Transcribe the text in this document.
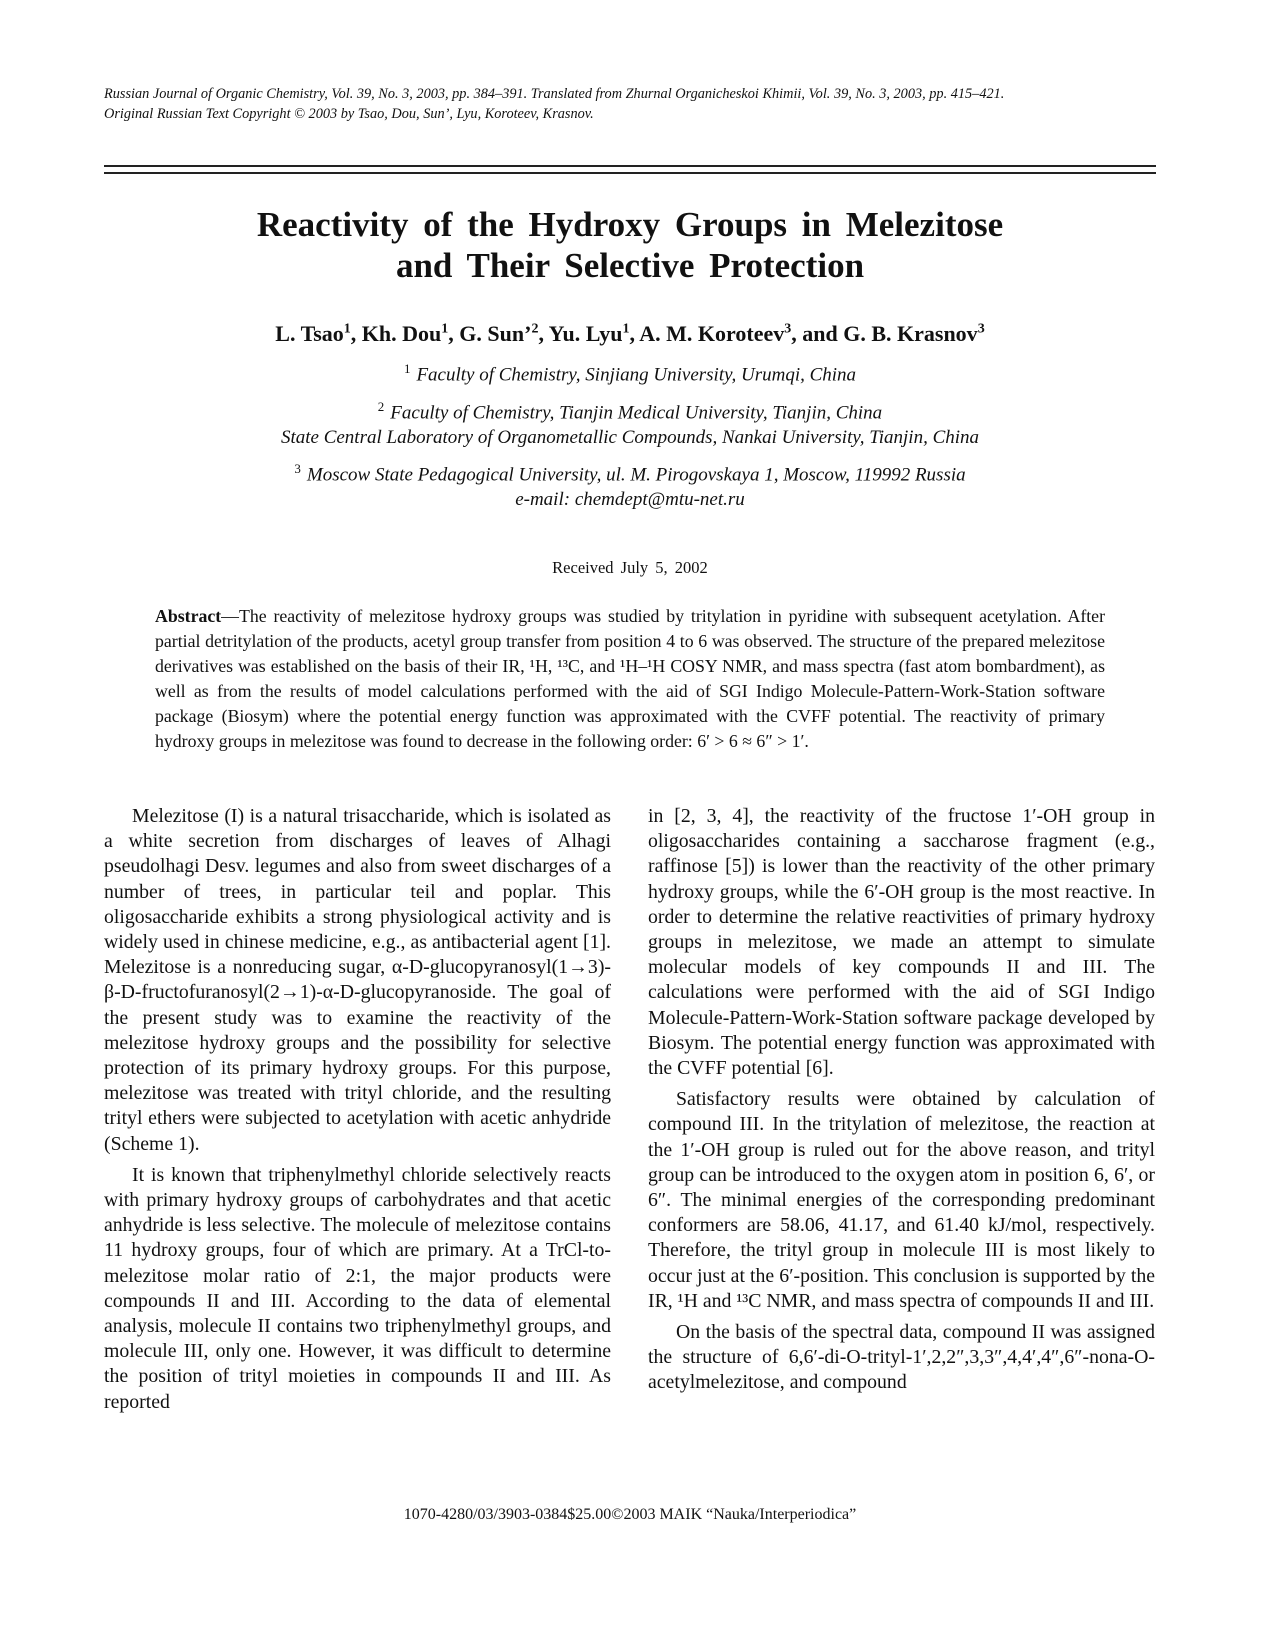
Russian Journal of Organic Chemistry, Vol. 39, No. 3, 2003, pp. 384–391. Translated from Zhurnal Organicheskoi Khimii, Vol. 39, No. 3, 2003, pp. 415–421.
Original Russian Text Copyright © 2003 by Tsao, Dou, Sun’, Lyu, Koroteev, Krasnov.
Reactivity of the Hydroxy Groups in Melezitose
and Their Selective Protection
L. Tsao$^1$, Kh. Dou$^1$, G. Sun’$^2$, Yu. Lyu$^1$, A. M. Koroteev$^3$, and G. B. Krasnov$^3$
$^1$ Faculty of Chemistry, Sinjiang University, Urumqi, China
$^2$ Faculty of Chemistry, Tianjin Medical University, Tianjin, China
State Central Laboratory of Organometallic Compounds, Nankai University, Tianjin, China
$^3$ Moscow State Pedagogical University, ul. M. Pirogovskaya 1, Moscow, 119992 Russia
e-mail: chemdept@mtu-net.ru
Received July 5, 2002
Abstract—The reactivity of melezitose hydroxy groups was studied by tritylation in pyridine with subsequent acetylation. After partial detritylation of the products, acetyl group transfer from position 4 to 6 was observed. The structure of the prepared melezitose derivatives was established on the basis of their IR, ¹H, ¹³C, and ¹H–¹H COSY NMR, and mass spectra (fast atom bombardment), as well as from the results of model calculations performed with the aid of SGI Indigo Molecule-Pattern-Work-Station software package (Biosym) where the potential energy function was approximated with the CVFF potential. The reactivity of primary hydroxy groups in melezitose was found to decrease in the following order: 6′ > 6 ≈ 6″ > 1′.

Melezitose (I) is a natural trisaccharide, which is isolated as a white secretion from discharges of leaves of Alhagi pseudolhagi Desv. legumes and also from sweet discharges of a number of trees, in particular teil and poplar. This oligosaccharide exhibits a strong physiological activity and is widely used in chinese medicine, e.g., as antibacterial agent [1]. Melezitose is a nonreducing sugar, α-D-glucopyranosyl(1→3)-β-D-fructofuranosyl(2→1)-α-D-glucopyranoside. The goal of the present study was to examine the reactivity of the melezitose hydroxy groups and the possibility for selective protection of its primary hydroxy groups. For this purpose, melezitose was treated with trityl chloride, and the resulting trityl ethers were subjected to acetylation with acetic anhydride (Scheme 1).

It is known that triphenylmethyl chloride selectively reacts with primary hydroxy groups of carbohydrates and that acetic anhydride is less selective. The molecule of melezitose contains 11 hydroxy groups, four of which are primary. At a TrCl-to-melezitose molar ratio of 2:1, the major products were compounds II and III. According to the data of elemental analysis, molecule II contains two triphenylmethyl groups, and molecule III, only one. However, it was difficult to determine the position of trityl moieties in compounds II and III. As reported

in [2, 3, 4], the reactivity of the fructose 1′-OH group in oligosaccharides containing a saccharose fragment (e.g., raffinose [5]) is lower than the reactivity of the other primary hydroxy groups, while the 6′-OH group is the most reactive. In order to determine the relative reactivities of primary hydroxy groups in melezitose, we made an attempt to simulate molecular models of key compounds II and III. The calculations were performed with the aid of SGI Indigo Molecule-Pattern-Work-Station software package developed by Biosym. The potential energy function was approximated with the CVFF potential [6].

Satisfactory results were obtained by calculation of compound III. In the tritylation of melezitose, the reaction at the 1′-OH group is ruled out for the above reason, and trityl group can be introduced to the oxygen atom in position 6, 6′, or 6″. The minimal energies of the corresponding predominant conformers are 58.06, 41.17, and 61.40 kJ/mol, respectively. Therefore, the trityl group in molecule III is most likely to occur just at the 6′-position. This conclusion is supported by the IR, ¹H and ¹³C NMR, and mass spectra of compounds II and III.

On the basis of the spectral data, compound II was assigned the structure of 6,6′-di-O-trityl-1′,2,2″,3,3″,4,4′,4″,6″-nona-O-acetylmelezitose, and compound

1070-4280/03/3903-0384$25.00©2003 MAIK “Nauka/Interperiodica”
